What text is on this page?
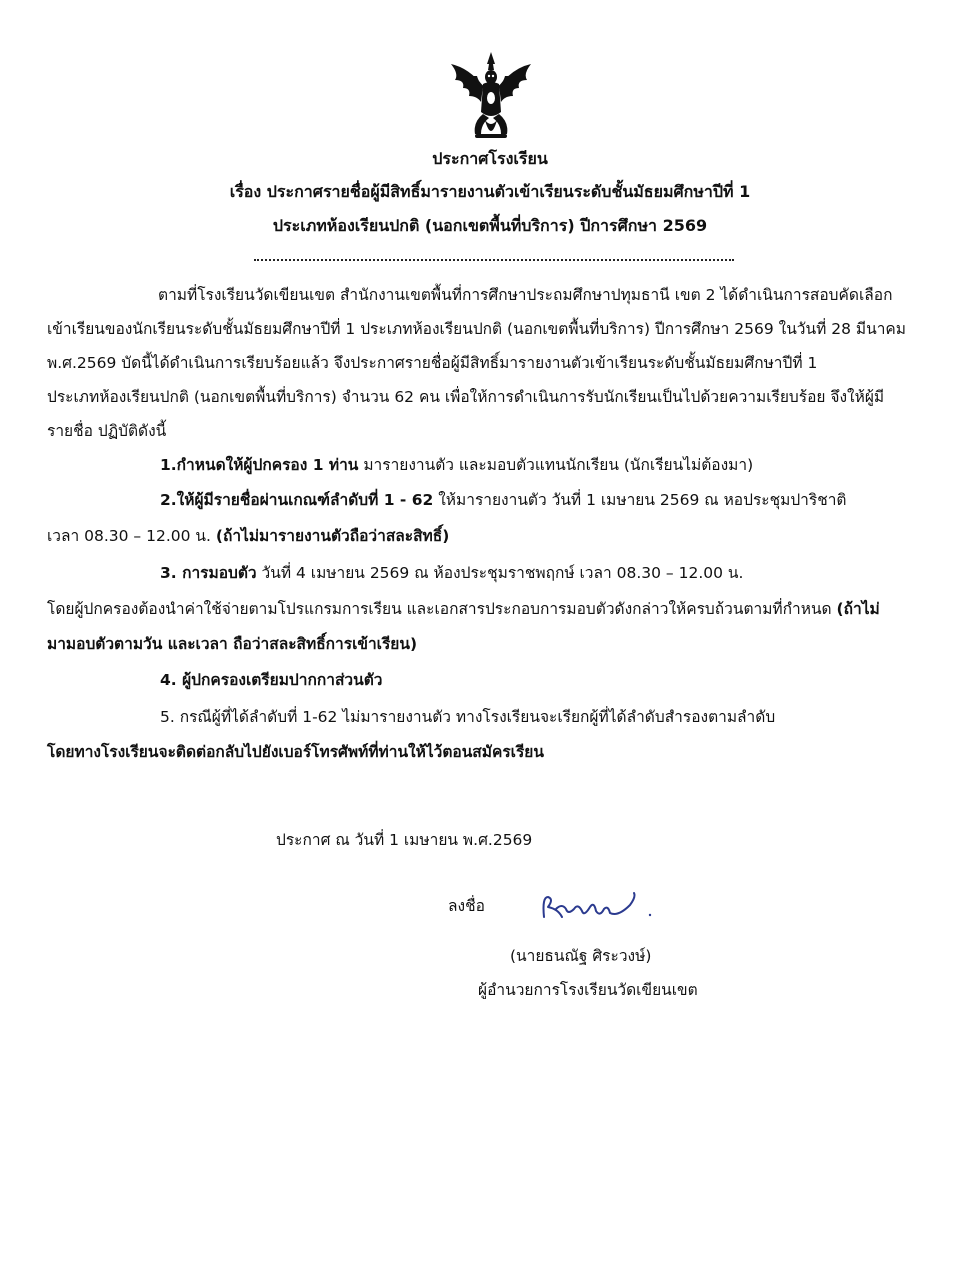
ประกาศโรงเรียน
เรื่อง ประกาศรายชื่อผู้มีสิทธิ์มารายงานตัวเข้าเรียนระดับชั้นมัธยมศึกษาปีที่ 1
ประเภทห้องเรียนปกติ (นอกเขตพื้นที่บริการ) ปีการศึกษา 2569
ตามที่โรงเรียนวัดเขียนเขต สำนักงานเขตพื้นที่การศึกษาประถมศึกษาปทุมธานี เขต 2 ได้ดำเนินการสอบคัดเลือก
เข้าเรียนของนักเรียนระดับชั้นมัธยมศึกษาปีที่ 1 ประเภทห้องเรียนปกติ (นอกเขตพื้นที่บริการ) ปีการศึกษา 2569 ในวันที่ 28 มีนาคม
พ.ศ.2569 บัดนี้ได้ดำเนินการเรียบร้อยแล้ว จึงประกาศรายชื่อผู้มีสิทธิ์มารายงานตัวเข้าเรียนระดับชั้นมัธยมศึกษาปีที่ 1
ประเภทห้องเรียนปกติ (นอกเขตพื้นที่บริการ) จำนวน 62 คน เพื่อให้การดำเนินการรับนักเรียนเป็นไปด้วยความเรียบร้อย จึงให้ผู้มี
รายชื่อ ปฏิบัติดังนี้
1.กำหนดให้ผู้ปกครอง 1 ท่าน มารายงานตัว และมอบตัวแทนนักเรียน (นักเรียนไม่ต้องมา)
2.ให้ผู้มีรายชื่อผ่านเกณฑ์ลำดับที่ 1 - 62 ให้มารายงานตัว วันที่ 1 เมษายน 2569 ณ หอประชุมปาริชาติ
เวลา 08.30 – 12.00 น. (ถ้าไม่มารายงานตัวถือว่าสละสิทธิ์)
3. การมอบตัว วันที่ 4 เมษายน 2569 ณ ห้องประชุมราชพฤกษ์ เวลา 08.30 – 12.00 น.
โดยผู้ปกครองต้องนำค่าใช้จ่ายตามโปรแกรมการเรียน และเอกสารประกอบการมอบตัวดังกล่าวให้ครบถ้วนตามที่กำหนด (ถ้าไม่
มามอบตัวตามวัน และเวลา ถือว่าสละสิทธิ์การเข้าเรียน)
4. ผู้ปกครองเตรียมปากกาส่วนตัว
5. กรณีผู้ที่ได้ลำดับที่ 1-62 ไม่มารายงานตัว ทางโรงเรียนจะเรียกผู้ที่ได้ลำดับสำรองตามลำดับ
โดยทางโรงเรียนจะติดต่อกลับไปยังเบอร์โทรศัพท์ที่ท่านให้ไว้ตอนสมัครเรียน
ประกาศ ณ วันที่ 1 เมษายน พ.ศ.2569
ลงชื่อ
(นายธนณัฐ ศิระวงษ์)
ผู้อำนวยการโรงเรียนวัดเขียนเขต
